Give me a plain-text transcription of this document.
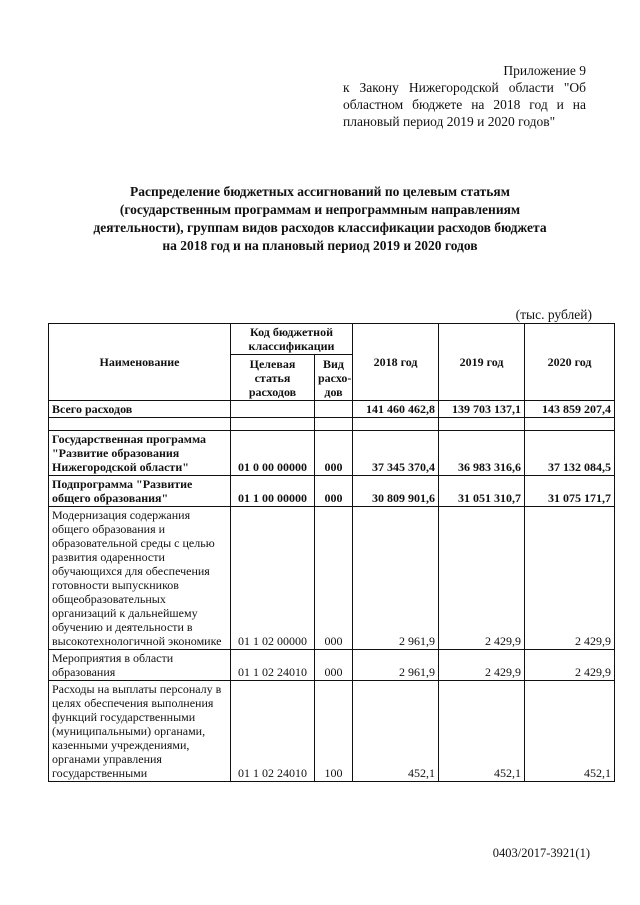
Приложение 9
к Закону Нижегородской области "Об областном бюджете на 2018 год и на плановый период 2019 и 2020 годов"
Распределение бюджетных ассигнований по целевым статьям (государственным программам и непрограммным направлениям деятельности), группам видов расходов классификации расходов бюджета на 2018 год и на плановый период 2019 и 2020 годов
(тыс. рублей)
Наименование	Код бюджетной классификации		2018 год	2019 год	2020 год
	Целевая статья расходов	Вид расхо-дов			
Всего расходов			141 460 462,8	139 703 137,1	143 859 207,4

Государственная программа "Развитие образования Нижегородской области"	01 0 00 00000	000	37 345 370,4	36 983 316,6	37 132 084,5
Подпрограмма "Развитие общего образования"	01 1 00 00000	000	30 809 901,6	31 051 310,7	31 075 171,7
Модернизация содержания общего образования и образовательной среды с целью развития одаренности обучающихся для обеспечения готовности выпускников общеобразовательных организаций к дальнейшему обучению и деятельности в высокотехнологичной экономике	01 1 02 00000	000	2 961,9	2 429,9	2 429,9
Мероприятия в области образования	01 1 02 24010	000	2 961,9	2 429,9	2 429,9
Расходы на выплаты персоналу в целях обеспечения выполнения функций государственными (муниципальными) органами, казенными учреждениями, органами управления государственными	01 1 02 24010	100	452,1	452,1	452,1
0403/2017-3921(1)
